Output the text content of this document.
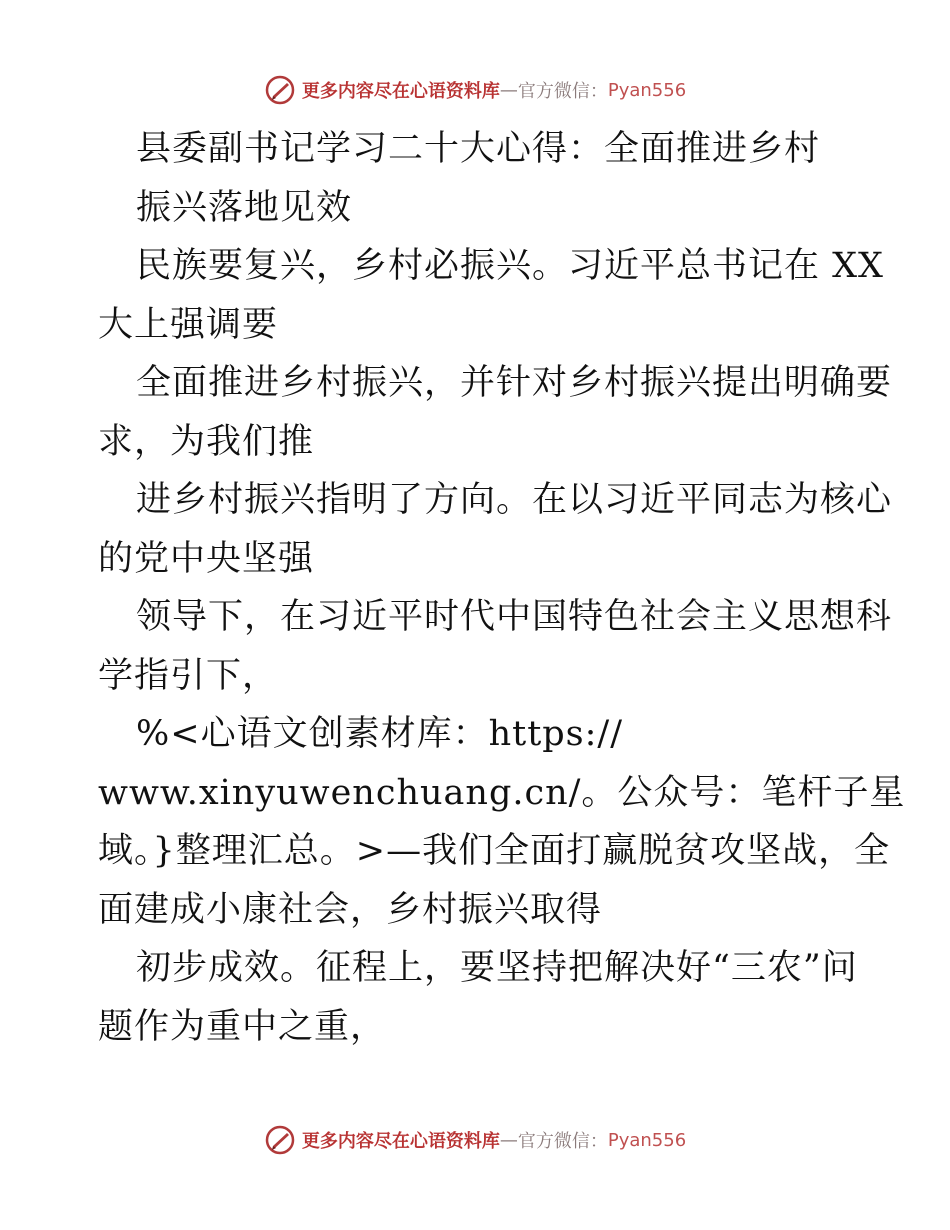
更多内容尽在心语资料库 — 官方微信： Pyan556
县委副书记学习二十大心得：全面推进乡村
振兴落地见效
民族要复兴，乡村必振兴。习近平总书记在 XX
大上强调要
全面推进乡村振兴，并针对乡村振兴提出明确要
求，为我们推
进乡村振兴指明了方向。在以习近平同志为核心
的党中央坚强
领导下，在习近平时代中国特色社会主义思想科
学指引下，
%<心语文创素材库：https://
www.xinyuwenchuang.cn/。公众号：笔杆子星
域。}整理汇总。>—我们全面打赢脱贫攻坚战，全
面建成小康社会，乡村振兴取得
初步成效。征程上，要坚持把解决好“三农”问
题作为重中之重，
更多内容尽在心语资料库 — 官方微信： Pyan556
